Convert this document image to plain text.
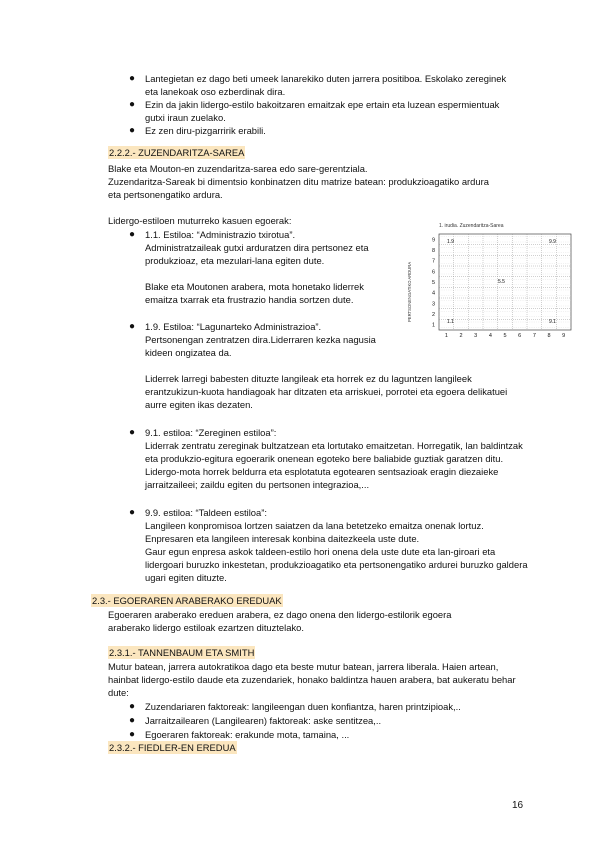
● Lantegietan ez dago beti umeek lanarekiko duten jarrera positiboa. Eskolako zereginek eta lanekoak oso ezberdinak dira.

● Ezin da jakin lidergo-estilo bakoitzaren emaitzak epe ertain eta luzean espermientuak gutxi iraun zuelako.

● Ez zen diru-pizgarririk erabili.

2.2.2.- ZUZENDARITZA-SAREA

Blake eta Mouton-en zuzendaritza-sarea edo sare-gerentziala.

Zuzendaritza-Sareak bi dimentsio konbinatzen ditu matrize batean: produkzioagatiko ardura eta pertsonengatiko ardura.

Lidergo-estiloen muturreko kasuen egoerak:	1. irudia. Zuzendaritza-Sarea
PERTSONENGATIKO ARDURA
9
8
7
6
5
4
3
2
1
1 2 3 4 5 6 7 8 9
1.9	9.9
1.1	9.1
5.5
● 1.1. Estiloa: “Administrazio txirotua”.

Administratzaileak gutxi arduratzen dira pertsonez eta produkzioaz, eta mezulari-lana egiten dute.

Blake eta Moutonen arabera, mota honetako liderrek emaitza txarrak eta frustrazio handia sortzen dute.

● 1.9. Estiloa: “Lagunarteko Administrazioa”.

Pertsonengan zentratzen dira.Liderraren kezka nagusia kideen ongizatea da.

Liderrek larregi babesten dituzte langileak eta horrek ez du laguntzen langileek erantzukizun-kuota handiagoak har ditzaten eta arriskuei, porrotei eta egoera delikatuei aurre egiten ikas dezaten.

● 9.1. estiloa: “Zereginen estiloa”:

Liderrak zentratu zereginak bultzatzean eta lortutako emaitzetan. Horregatik, lan baldintzak eta produkzio-egitura egoerarik onenean egoteko bere baliabide guztiak garatzen ditu. Lidergo-mota horrek beldurra eta esplotatuta egotearen sentsazioak eragin diezaieke jarraitzaileei; zaildu egiten du pertsonen integrazioa,...

● 9.9. estiloa: “Taldeen estiloa”:

Langileen konpromisoa lortzen saiatzen da lana betetzeko emaitza onenak lortuz. Enpresaren eta langileen interesak konbina daitezkeela uste dute.

Gaur egun enpresa askok taldeen-estilo hori onena dela uste dute eta lan-giroari eta lidergoari buruzko inkestetan, produkzioagatiko eta pertsonengatiko ardurei buruzko galdera ugari egiten dituzte.

2.3.- EGOERAREN ARABERAKO EREDUAK

Egoeraren araberako ereduen arabera, ez dago onena den lidergo-estilorik egoera araberako lidergo estiloak ezartzen dituztelako.

2.3.1.- TANNENBAUM ETA SMITH

Mutur batean, jarrera autokratikoa dago eta beste mutur batean, jarrera liberala. Haien artean, hainbat lidergo-estilo daude eta zuzendariek, honako baldintza hauen arabera, bat aukeratu behar dute:

● Zuzendariaren faktoreak: langileengan duen konfiantza, haren printzipioak,..

● Jarraitzailearen (Langilearen) faktoreak: aske sentitzea,..

● Egoeraren faktoreak: erakunde mota, tamaina, ...

2.3.2.- FIEDLER-EN EREDUA
16
